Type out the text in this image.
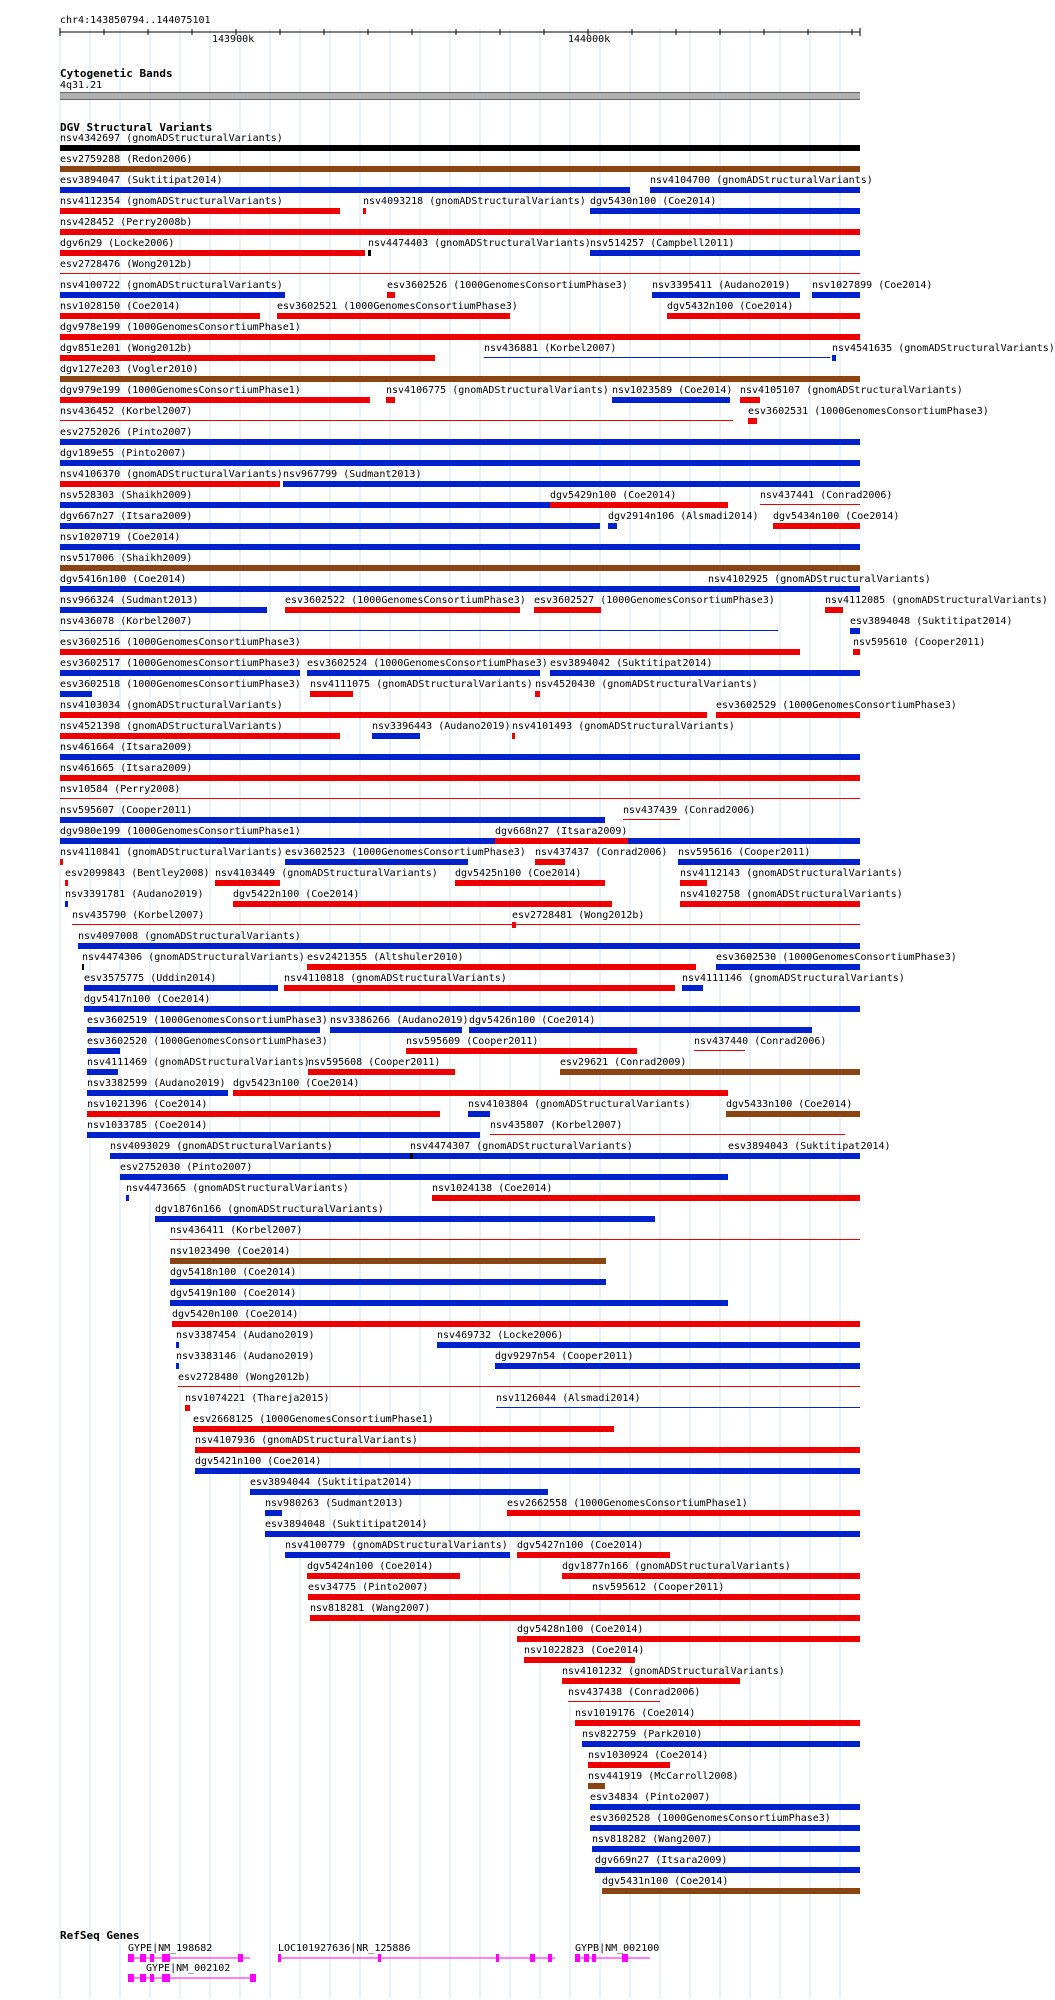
chr4:143850794..144075101
143900k	144000k
Cytogenetic Bands
4q31.21
DGV Structural Variants
nsv4342697 (gnomADStructuralVariants)
esv2759288 (Redon2006)
esv3894047 (Suktitipat2014)	nsv4104700 (gnomADStructuralVariants)
nsv4112354 (gnomADStructuralVariants)	nsv4093218 (gnomADStructuralVariants) dgv5430n100 (Coe2014)
nsv428452 (Perry2008b)
dgv6n29 (Locke2006)	nsv4474403 (gnomADStructuralVariants) nsv514257 (Campbell2011)
esv2728476 (Wong2012b)
nsv4100722 (gnomADStructuralVariants)	esv3602526 (1000GenomesConsortiumPhase3) nsv3395411 (Audano2019) nsv1027899 (Coe2014)
nsv1028150 (Coe2014)	esv3602521 (1000GenomesConsortiumPhase3)	dgv5432n100 (Coe2014)
dgv978e199 (1000GenomesConsortiumPhase1)
dgv851e201 (Wong2012b)	nsv436881 (Korbel2007)	nsv4541635 (gnomADStructuralVariants)
dgv127e203 (Vogler2010)
dgv979e199 (1000GenomesConsortiumPhase1)	nsv4106775 (gnomADStructuralVariants) nsv1023589 (Coe2014) nsv4105107 (gnomADStructuralVariants)
nsv436452 (Korbel2007)	esv3602531 (1000GenomesConsortiumPhase3)
esv2752026 (Pinto2007)
dgv189e55 (Pinto2007)
nsv4106370 (gnomADStructuralVariants) nsv967799 (Sudmant2013)
nsv528303 (Shaikh2009)	dgv5429n100 (Coe2014)	nsv437441 (Conrad2006)
dgv667n27 (Itsara2009)	dgv2914n106 (Alsmadi2014) dgv5434n100 (Coe2014)
nsv1020719 (Coe2014)
nsv517006 (Shaikh2009)
dgv5416n100 (Coe2014)	nsv4102925 (gnomADStructuralVariants)
nsv966324 (Sudmant2013)	esv3602522 (1000GenomesConsortiumPhase3) esv3602527 (1000GenomesConsortiumPhase3)	nsv4112085 (gnomADStructuralVariants)
nsv436078 (Korbel2007)	esv3894048 (Suktitipat2014)
esv3602516 (1000GenomesConsortiumPhase3)	nsv595610 (Cooper2011)
esv3602517 (1000GenomesConsortiumPhase3) esv3602524 (1000GenomesConsortiumPhase3) esv3894042 (Suktitipat2014)
esv3602518 (1000GenomesConsortiumPhase3) nsv4111075 (gnomADStructuralVariants) nsv4520430 (gnomADStructuralVariants)
nsv4103034 (gnomADStructuralVariants)	esv3602529 (1000GenomesConsortiumPhase3)
nsv4521398 (gnomADStructuralVariants)	nsv3396443 (Audano2019) nsv4101493 (gnomADStructuralVariants)
nsv461664 (Itsara2009)
nsv461665 (Itsara2009)
nsv10584 (Perry2008)
nsv595607 (Cooper2011)	nsv437439 (Conrad2006)
dgv980e199 (1000GenomesConsortiumPhase1)	dgv668n27 (Itsara2009)
nsv4110841 (gnomADStructuralVariants) esv3602523 (1000GenomesConsortiumPhase3) nsv437437 (Conrad2006) nsv595616 (Cooper2011)
esv2099843 (Bentley2008) nsv4103449 (gnomADStructuralVariants) dgv5425n100 (Coe2014)	nsv4112143 (gnomADStructuralVariants)
nsv3391781 (Audano2019)	dgv5422n100 (Coe2014)	nsv4102758 (gnomADStructuralVariants)
nsv435790 (Korbel2007)	esv2728481 (Wong2012b)
nsv4097008 (gnomADStructuralVariants)
nsv4474306 (gnomADStructuralVariants) esv2421355 (Altshuler2010)	esv3602530 (1000GenomesConsortiumPhase3)
esv3575775 (Uddin2014)	nsv4110818 (gnomADStructuralVariants)	nsv4111146 (gnomADStructuralVariants)
dgv5417n100 (Coe2014)
esv3602519 (1000GenomesConsortiumPhase3) nsv3386266 (Audano2019) dgv5426n100 (Coe2014)
esv3602520 (1000GenomesConsortiumPhase3)	nsv595609 (Cooper2011)	nsv437440 (Conrad2006)
nsv4111469 (gnomADStructuralVariants)
nsv595608 (Cooper2011)	esv29621 (Conrad2009)
nsv3382599 (Audano2019) dgv5423n100 (Coe2014)
nsv1021396 (Coe2014)	nsv4103804 (gnomADStructuralVariants)	dgv5433n100 (Coe2014)
nsv1033785 (Coe2014)	nsv435807 (Korbel2007)
nsv4093029 (gnomADStructuralVariants)	nsv4474307 (gnomADStructuralVariants)	esv3894043 (Suktitipat2014)
esv2752030 (Pinto2007)
nsv4473665 (gnomADStructuralVariants)	nsv1024138 (Coe2014)
dgv1876n166 (gnomADStructuralVariants)
nsv436411 (Korbel2007)
nsv1023490 (Coe2014)
dgv5418n100 (Coe2014)
dgv5419n100 (Coe2014)
dgv5420n100 (Coe2014)
nsv3387454 (Audano2019)	nsv469732 (Locke2006)
nsv3383146 (Audano2019)	dgv9297n54 (Cooper2011)
esv2728480 (Wong2012b)
nsv1074221 (Thareja2015)	nsv1126044 (Alsmadi2014)
esv2668125 (1000GenomesConsortiumPhase1)
nsv4107936 (gnomADStructuralVariants)
dgv5421n100 (Coe2014)
esv3894044 (Suktitipat2014)
nsv980263 (Sudmant2013)	esv2662558 (1000GenomesConsortiumPhase1)
esv3894048 (Suktitipat2014)
nsv4100779 (gnomADStructuralVariants) dgv5427n100 (Coe2014)
dgv5424n100 (Coe2014)	dgv1877n166 (gnomADStructuralVariants)
esv34775 (Pinto2007)	nsv595612 (Cooper2011)
nsv818281 (Wang2007)
dgv5428n100 (Coe2014)
nsv1022823 (Coe2014)
nsv4101232 (gnomADStructuralVariants)
nsv437438 (Conrad2006)
nsv1019176 (Coe2014)
nsv822759 (Park2010)
nsv1030924 (Coe2014)
nsv441919 (McCarroll2008)
esv34834 (Pinto2007)
esv3602528 (1000GenomesConsortiumPhase3)
nsv818282 (Wang2007)
dgv669n27 (Itsara2009)
dgv5431n100 (Coe2014)
RefSeq Genes
GYPE|NM_198682	LOC101927636|NR_125886	GYPB|NM_002100
GYPE|NM_002102
